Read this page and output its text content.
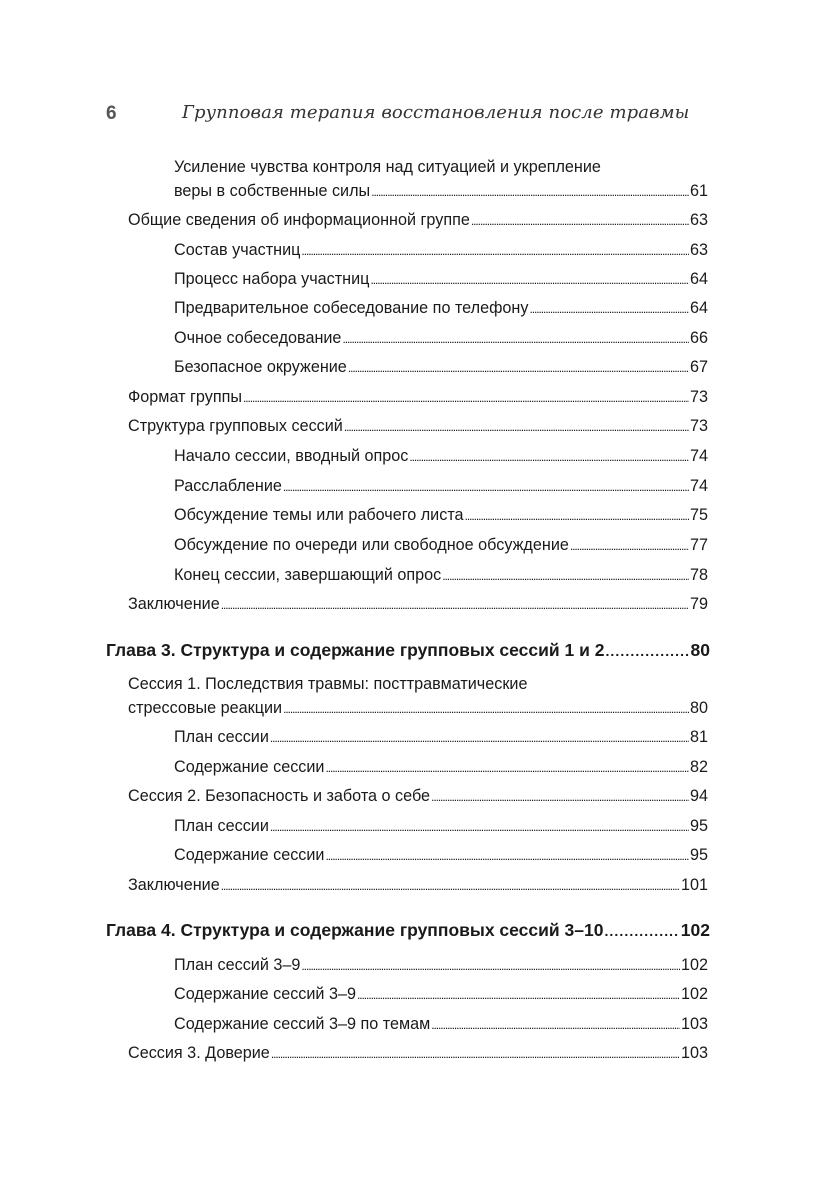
6	Групповая терапия восстановления после травмы
Усиление чувства контроля над ситуацией и укрепление
веры в собственные силы . . .	61
Общие сведения об информационной группе . . .	63
Состав участниц . . .	63
Процесс набора участниц . . .	64
Предварительное собеседование по телефону . . .	64
Очное собеседование . . .	66
Безопасное окружение . . .	67
Формат группы . . .	73
Структура групповых сессий . . .	73
Начало сессии, вводный опрос . . .	74
Расслабление . . .	74
Обсуждение темы или рабочего листа . . .	75
Обсуждение по очереди или свободное обсуждение . . .	77
Конец сессии, завершающий опрос . . .	78
Заключение . . .	79
Глава 3. Структура и содержание групповых сессий 1 и 2 . . .	80
Сессия 1. Последствия травмы: посттравматические
стрессовые реакции . . .	80
План сессии . . .	81
Содержание сессии . . .	82
Сессия 2. Безопасность и забота о себе . . .	94
План сессии . . .	95
Содержание сессии . . .	95
Заключение . . .	101
Глава 4. Структура и содержание групповых сессий 3–10 . . .	102
План сессий 3–9 . . .	102
Содержание сессий 3–9 . . .	102
Содержание сессий 3–9 по темам . . .	103
Сессия 3. Доверие . . .	103
